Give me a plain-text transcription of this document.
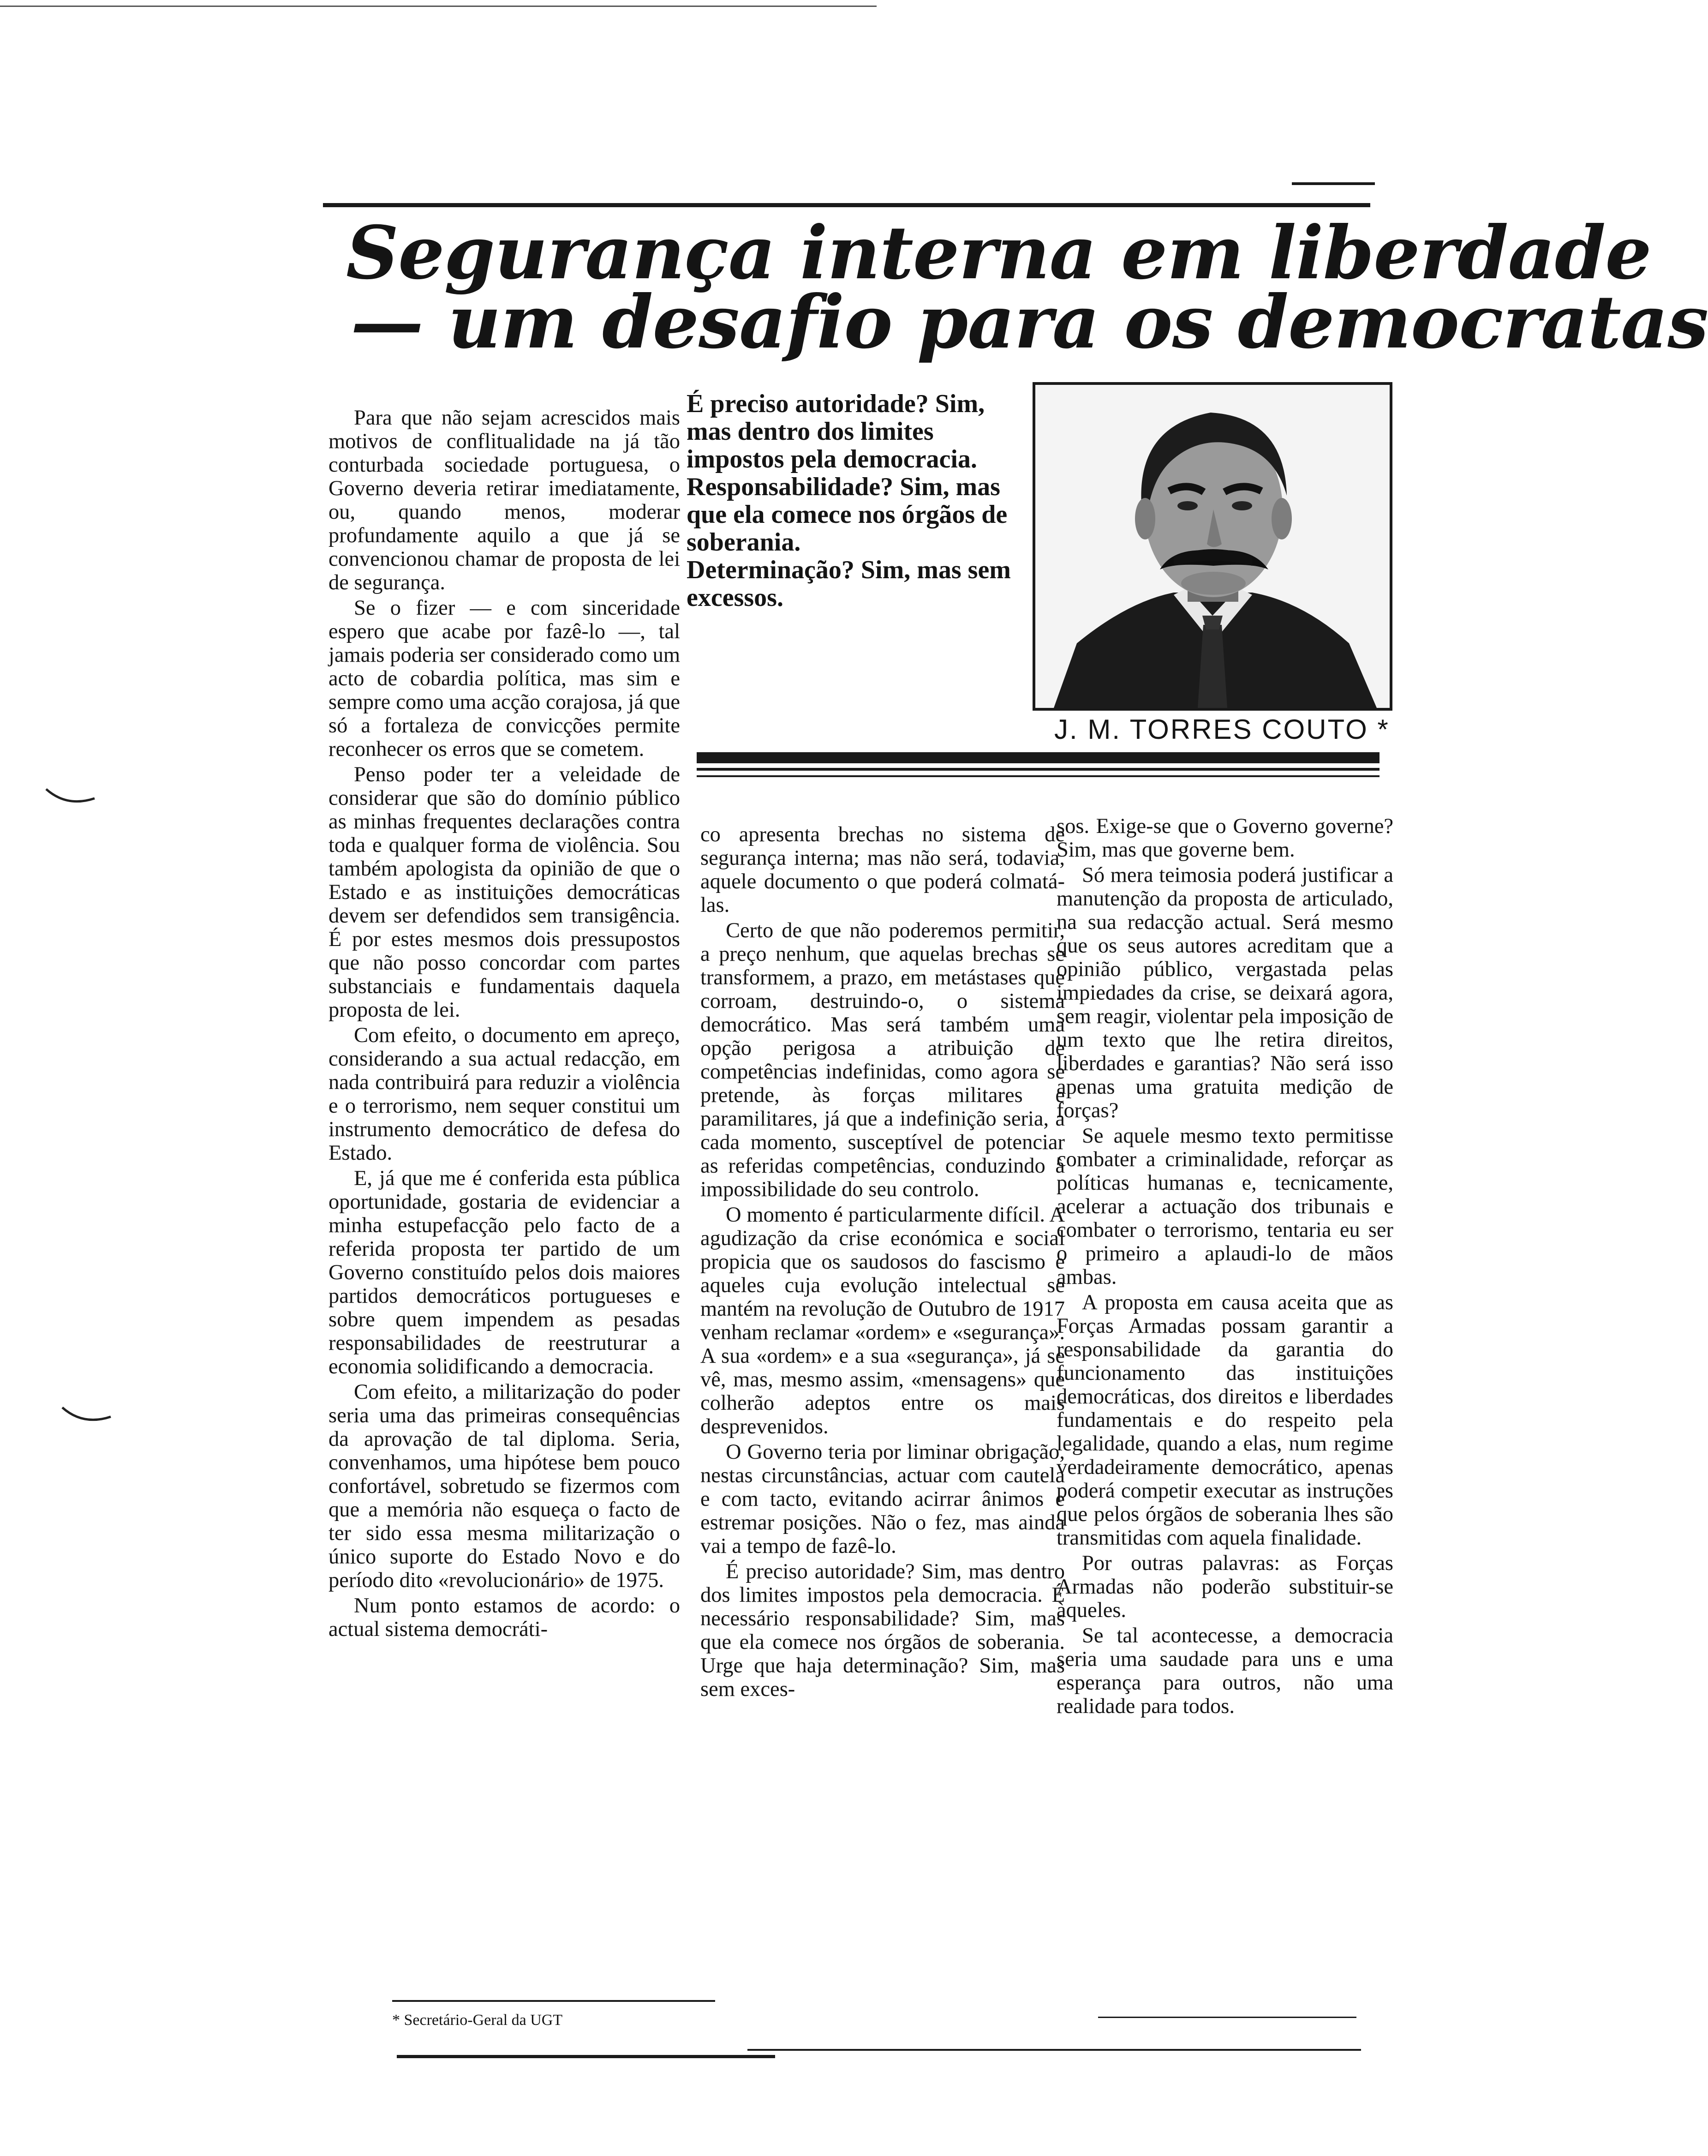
Segurança interna em liberdade
— um desafio para os democratas

Para que não sejam acrescidos mais motivos de conflitualidade na já tão conturbada sociedade portuguesa, o Governo deveria retirar imediatamente, ou, quando menos, moderar profundamente aquilo a que já se convencionou chamar de proposta de lei de segurança.

Se o fizer — e com sinceridade espero que acabe por fazê-lo —, tal jamais poderia ser considerado como um acto de cobardia política, mas sim e sempre como uma acção corajosa, já que só a fortaleza de convicções permite reconhecer os erros que se cometem.

Penso poder ter a veleidade de considerar que são do domínio público as minhas frequentes declarações contra toda e qualquer forma de violência. Sou também apologista da opinião de que o Estado e as instituições democráticas devem ser defendidos sem transigência. É por estes mesmos dois pressupostos que não posso concordar com partes substanciais e fundamentais daquela proposta de lei.

Com efeito, o documento em apreço, considerando a sua actual redacção, em nada contribuirá para reduzir a violência e o terrorismo, nem sequer constitui um instrumento democrático de defesa do Estado.

E, já que me é conferida esta pública oportunidade, gostaria de evidenciar a minha estupefacção pelo facto de a referida proposta ter partido de um Governo constituído pelos dois maiores partidos democráticos portugueses e sobre quem impendem as pesadas responsabilidades de reestruturar a economia solidificando a democracia.

Com efeito, a militarização do poder seria uma das primeiras consequências da aprovação de tal diploma. Seria, convenhamos, uma hipótese bem pouco confortável, sobretudo se fizermos com que a memória não esqueça o facto de ter sido essa mesma militarização o único suporte do Estado Novo e do período dito «revolucionário» de 1975.

Num ponto estamos de acordo: o actual sistema democráti-

É preciso autoridade? Sim, mas dentro dos limites impostos pela democracia.

Responsabilidade? Sim, mas que ela comece nos órgãos de soberania.

Determinação? Sim, mas sem excessos.

J. M. TORRES COUTO *

co apresenta brechas no sistema de segurança interna; mas não será, todavia, aquele documento o que poderá colmatá-las.

Certo de que não poderemos permitir, a preço nenhum, que aquelas brechas se transformem, a prazo, em metástases que corroam, destruindo-o, o sistema democrático. Mas será também uma opção perigosa a atribuição de competências indefinidas, como agora se pretende, às forças militares e paramilitares, já que a indefinição seria, a cada momento, susceptível de potenciar as referidas competências, conduzindo à impossibilidade do seu controlo.

O momento é particularmente difícil. A agudização da crise económica e social propicia que os saudosos do fascismo e aqueles cuja evolução intelectual se mantém na revolução de Outubro de 1917 venham reclamar «ordem» e «segurança». A sua «ordem» e a sua «segurança», já se vê, mas, mesmo assim, «mensagens» que colherão adeptos entre os mais desprevenidos.

O Governo teria por liminar obrigação, nestas circunstâncias, actuar com cautela e com tacto, evitando acirrar ânimos e estremar posições. Não o fez, mas ainda vai a tempo de fazê-lo.

É preciso autoridade? Sim, mas dentro dos limites impostos pela democracia. É necessário responsabilidade? Sim, mas que ela comece nos órgãos de soberania. Urge que haja determinação? Sim, mas sem exces-

sos. Exige-se que o Governo governe? Sim, mas que governe bem.

Só mera teimosia poderá justificar a manutenção da proposta de articulado, na sua redacção actual. Será mesmo que os seus autores acreditam que a opinião público, vergastada pelas impiedades da crise, se deixará agora, sem reagir, violentar pela imposição de um texto que lhe retira direitos, liberdades e garantias? Não será isso apenas uma gratuita medição de forças?

Se aquele mesmo texto permitisse combater a criminalidade, reforçar as políticas humanas e, tecnicamente, acelerar a actuação dos tribunais e combater o terrorismo, tentaria eu ser o primeiro a aplaudi-lo de mãos ambas.

A proposta em causa aceita que as Forças Armadas possam garantir a responsabilidade da garantia do funcionamento das instituições democráticas, dos direitos e liberdades fundamentais e do respeito pela legalidade, quando a elas, num regime verdadeiramente democrático, apenas poderá competir executar as instruções que pelos órgãos de soberania lhes são transmitidas com aquela finalidade.

Por outras palavras: as Forças Armadas não poderão substituir-se àqueles.

Se tal acontecesse, a democracia seria uma saudade para uns e uma esperança para outros, não uma realidade para todos.

* Secretário-Geral da UGT
